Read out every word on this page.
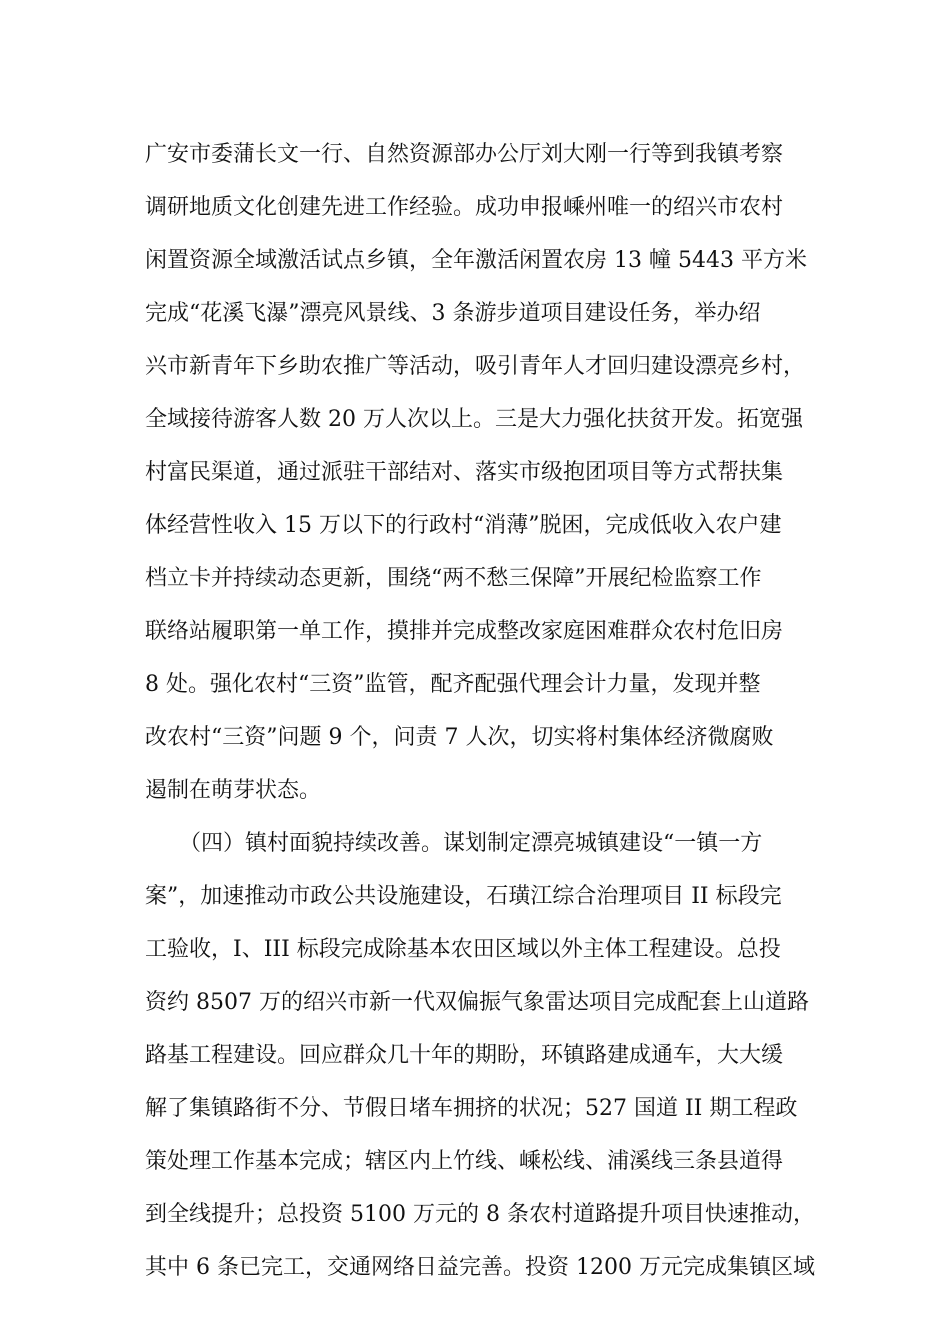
广安市委蒲长文一行、自然资源部办公厅刘大刚一行等到我镇考察
调研地质文化创建先进工作经验。成功申报嵊州唯一的绍兴市农村
闲置资源全域激活试点乡镇，全年激活闲置农房 13 幢 5443 平方米
完成“花溪飞瀑”漂亮风景线、3 条游步道项目建设任务，举办绍
兴市新青年下乡助农推广等活动，吸引青年人才回归建设漂亮乡村，
全域接待游客人数 20 万人次以上。三是大力强化扶贫开发。拓宽强
村富民渠道，通过派驻干部结对、落实市级抱团项目等方式帮扶集
体经营性收入 15 万以下的行政村“消薄”脱困，完成低收入农户建
档立卡并持续动态更新，围绕“两不愁三保障”开展纪检监察工作
联络站履职第一单工作，摸排并完成整改家庭困难群众农村危旧房
8 处。强化农村“三资”监管，配齐配强代理会计力量，发现并整
改农村“三资”问题 9 个，问责 7 人次，切实将村集体经济微腐败
遏制在萌芽状态。
（四）镇村面貌持续改善。谋划制定漂亮城镇建设“一镇一方
案”，加速推动市政公共设施建设，石璜江综合治理项目 II 标段完
工验收，I、III 标段完成除基本农田区域以外主体工程建设。总投
资约 8507 万的绍兴市新一代双偏振气象雷达项目完成配套上山道路
路基工程建设。回应群众几十年的期盼，环镇路建成通车，大大缓
解了集镇路街不分、节假日堵车拥挤的状况；527 国道 II 期工程政
策处理工作基本完成；辖区内上竹线、嵊松线、浦溪线三条县道得
到全线提升；总投资 5100 万元的 8 条农村道路提升项目快速推动，
其中 6 条已完工，交通网络日益完善。投资 1200 万元完成集镇区域
